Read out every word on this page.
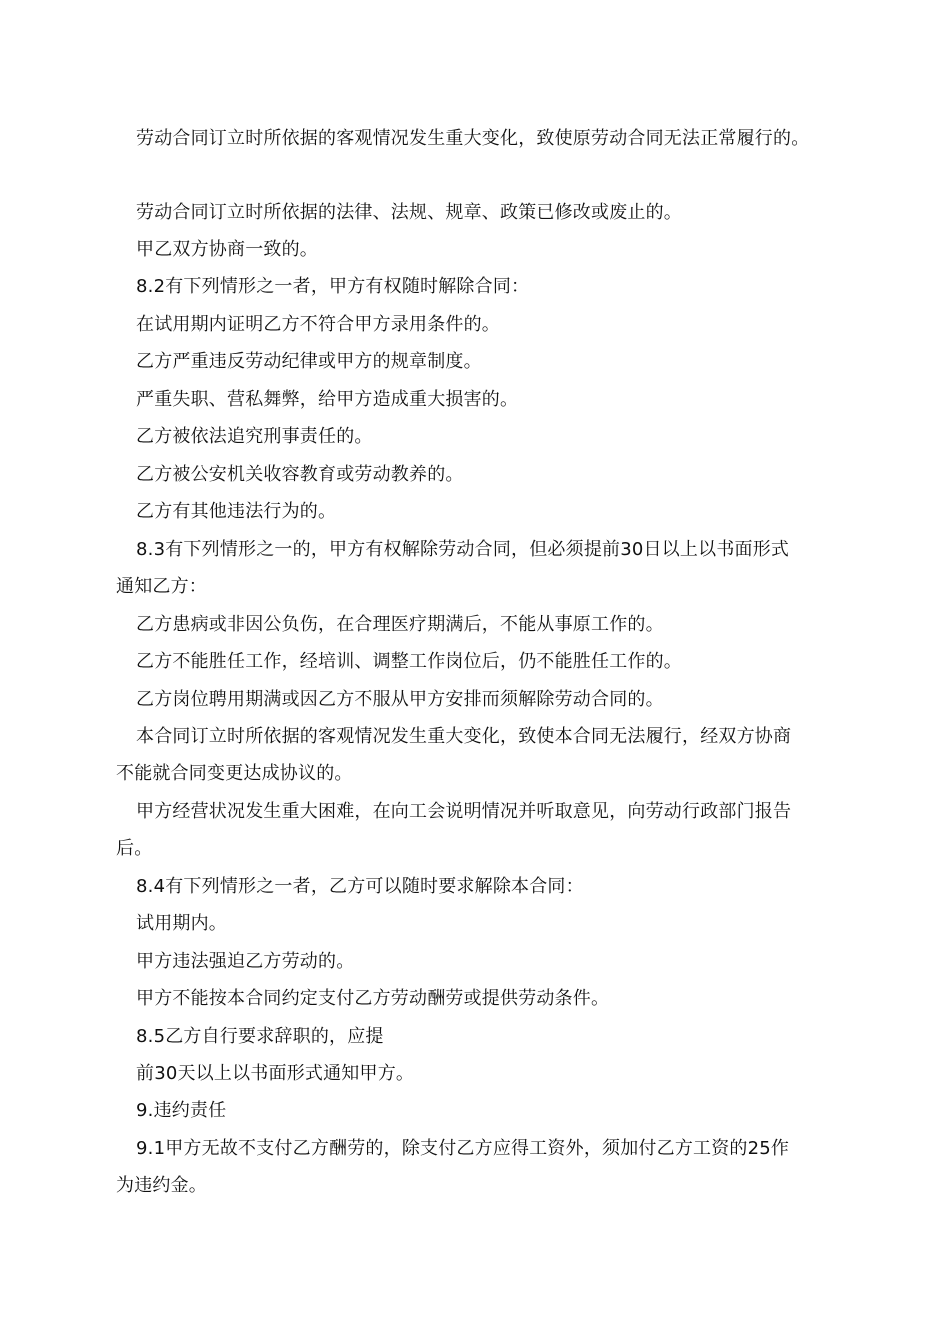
劳动合同订立时所依据的客观情况发生重大变化，致使原劳动合同无法正常履行的。
劳动合同订立时所依据的法律、法规、规章、政策已修改或废止的。
甲乙双方协商一致的。
8.2有下列情形之一者，甲方有权随时解除合同：
在试用期内证明乙方不符合甲方录用条件的。
乙方严重违反劳动纪律或甲方的规章制度。
严重失职、营私舞弊，给甲方造成重大损害的。
乙方被依法追究刑事责任的。
乙方被公安机关收容教育或劳动教养的。
乙方有其他违法行为的。
8.3有下列情形之一的，甲方有权解除劳动合同，但必须提前30日以上以书面形式
通知乙方：
乙方患病或非因公负伤，在合理医疗期满后，不能从事原工作的。
乙方不能胜任工作，经培训、调整工作岗位后，仍不能胜任工作的。
乙方岗位聘用期满或因乙方不服从甲方安排而须解除劳动合同的。
本合同订立时所依据的客观情况发生重大变化，致使本合同无法履行，经双方协商
不能就合同变更达成协议的。
甲方经营状况发生重大困难，在向工会说明情况并听取意见，向劳动行政部门报告
后。
8.4有下列情形之一者，乙方可以随时要求解除本合同：
试用期内。
甲方违法强迫乙方劳动的。
甲方不能按本合同约定支付乙方劳动酬劳或提供劳动条件。
8.5乙方自行要求辞职的，应提
前30天以上以书面形式通知甲方。
9.违约责任
9.1甲方无故不支付乙方酬劳的，除支付乙方应得工资外，须加付乙方工资的25作
为违约金。
